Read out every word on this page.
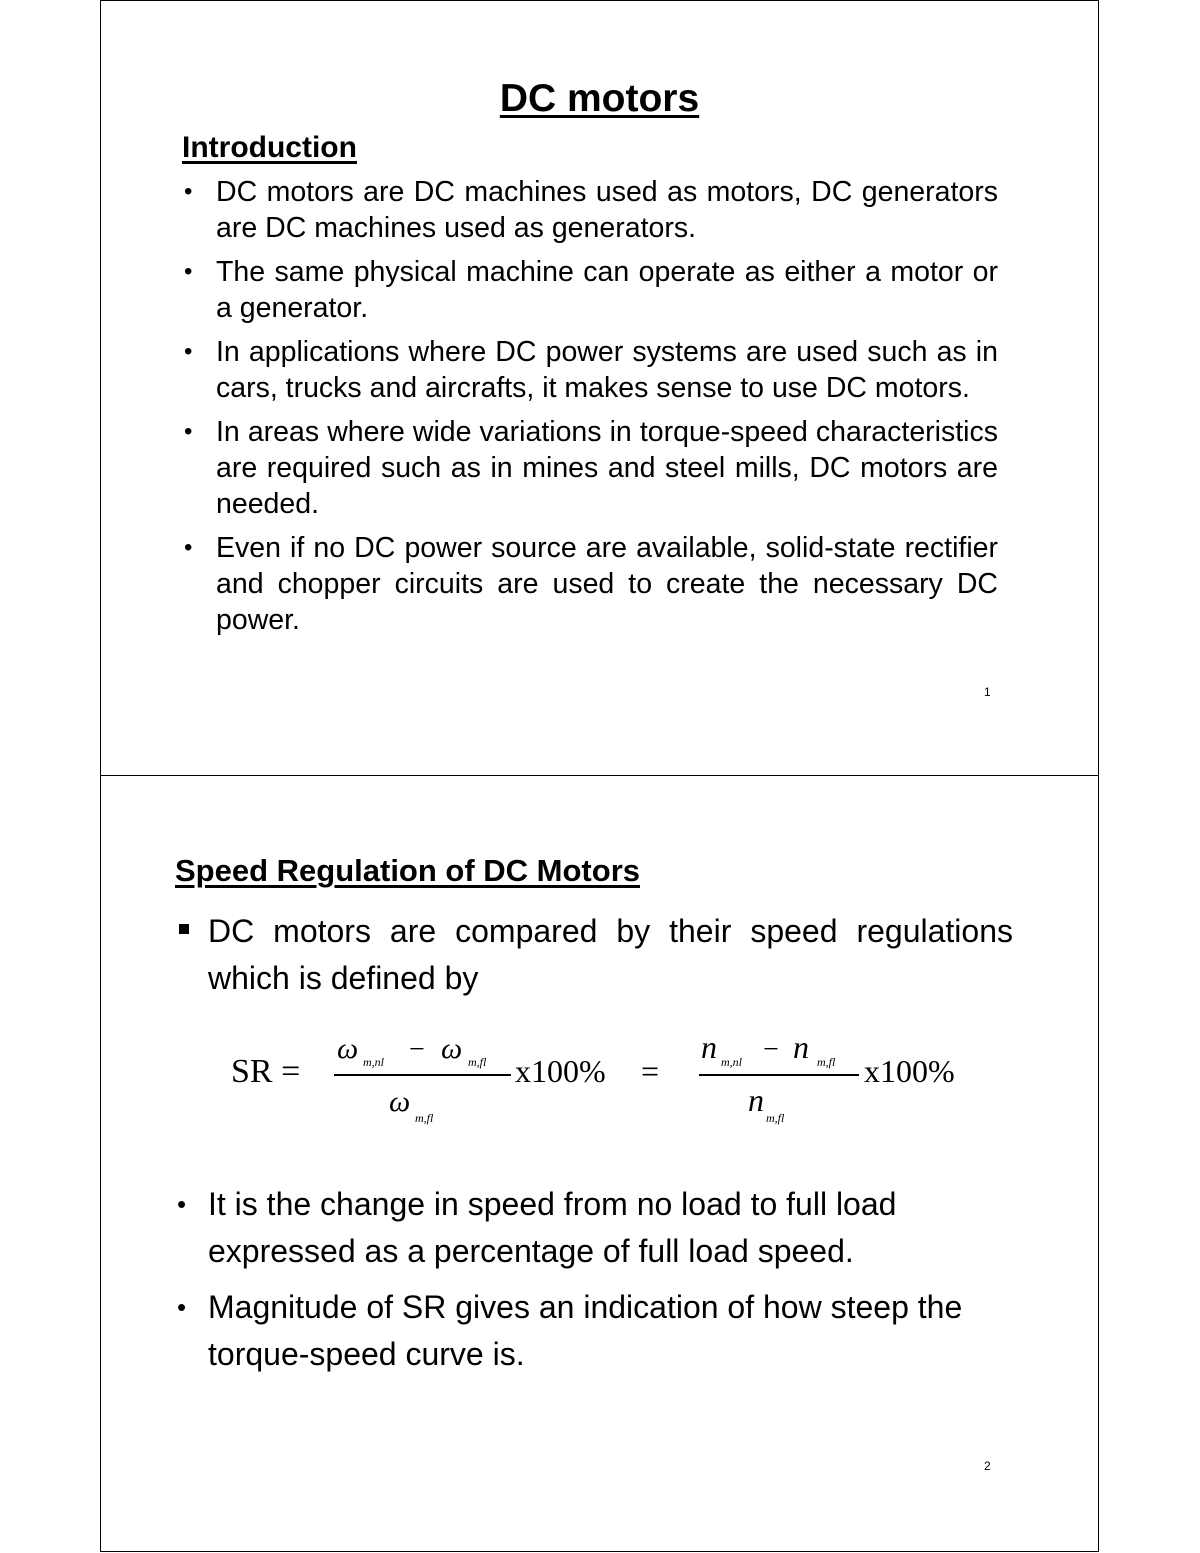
DC motors
Introduction
• DC motors are DC machines used as motors, DC generators are DC machines used as generators.
• The same physical machine can operate as either a motor or a generator.
• In applications where DC power systems are used such as in cars, trucks and aircrafts, it makes sense to use DC motors.
• In areas where wide variations in torque-speed characteristics are required such as in mines and steel mills, DC motors are needed.
• Even if no DC power source are available, solid-state rectifier and chopper circuits are used to create the necessary DC power.
1
Speed Regulation of DC Motors
DC motors are compared by their speed regulations which is defined by
SR =
ω m,nl − ω m,fl
ω m,fl
x100% =
n m,nl − n m,fl
n m,fl
x100%
• It is the change in speed from no load to full load expressed as a percentage of full load speed.
• Magnitude of SR gives an indication of how steep the torque-speed curve is.
2
